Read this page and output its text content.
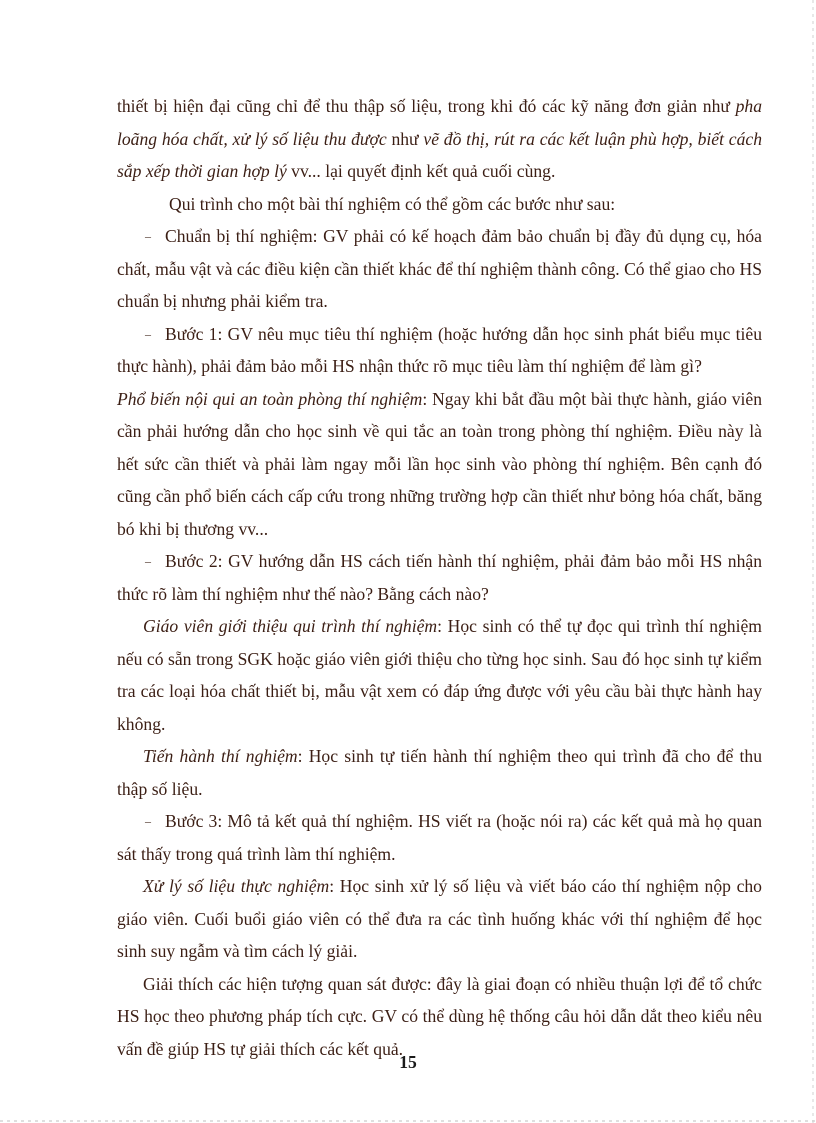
thiết bị hiện đại cũng chỉ để thu thập số liệu, trong khi đó các kỹ năng đơn giản như pha loãng hóa chất, xử lý số liệu thu được như vẽ đồ thị, rút ra các kết luận phù hợp, biết cách sắp xếp thời gian hợp lý vv... lại quyết định kết quả cuối cùng.

Qui trình cho một bài thí nghiệm có thể gồm các bước như sau:

– Chuẩn bị thí nghiệm: GV phải có kế hoạch đảm bảo chuẩn bị đầy đủ dụng cụ, hóa chất, mẫu vật và các điều kiện cần thiết khác để thí nghiệm thành công. Có thể giao cho HS chuẩn bị nhưng phải kiểm tra.

– Bước 1: GV nêu mục tiêu thí nghiệm (hoặc hướng dẫn học sinh phát biểu mục tiêu thực hành), phải đảm bảo mỗi HS nhận thức rõ mục tiêu làm thí nghiệm để làm gì?

Phổ biến nội qui an toàn phòng thí nghiệm: Ngay khi bắt đầu một bài thực hành, giáo viên cần phải hướng dẫn cho học sinh về qui tắc an toàn trong phòng thí nghiệm. Điều này là hết sức cần thiết và phải làm ngay mỗi lần học sinh vào phòng thí nghiệm. Bên cạnh đó cũng cần phổ biến cách cấp cứu trong những trường hợp cần thiết như bỏng hóa chất, băng bó khi bị thương vv...

– Bước 2: GV hướng dẫn HS cách tiến hành thí nghiệm, phải đảm bảo mỗi HS nhận thức rõ làm thí nghiệm như thế nào? Bằng cách nào?

Giáo viên giới thiệu qui trình thí nghiệm: Học sinh có thể tự đọc qui trình thí nghiệm nếu có sẵn trong SGK hoặc giáo viên giới thiệu cho từng học sinh. Sau đó học sinh tự kiểm tra các loại hóa chất thiết bị, mẫu vật xem có đáp ứng được với yêu cầu bài thực hành hay không.

Tiến hành thí nghiệm: Học sinh tự tiến hành thí nghiệm theo qui trình đã cho để thu thập số liệu.

– Bước 3: Mô tả kết quả thí nghiệm. HS viết ra (hoặc nói ra) các kết quả mà họ quan sát thấy trong quá trình làm thí nghiệm.

Xử lý số liệu thực nghiệm: Học sinh xử lý số liệu và viết báo cáo thí nghiệm nộp cho giáo viên. Cuối buổi giáo viên có thể đưa ra các tình huống khác với thí nghiệm để học sinh suy ngẫm và tìm cách lý giải.

Giải thích các hiện tượng quan sát được: đây là giai đoạn có nhiều thuận lợi để tổ chức HS học theo phương pháp tích cực. GV có thể dùng hệ thống câu hỏi dẫn dắt theo kiểu nêu vấn đề giúp HS tự giải thích các kết quả.

15
